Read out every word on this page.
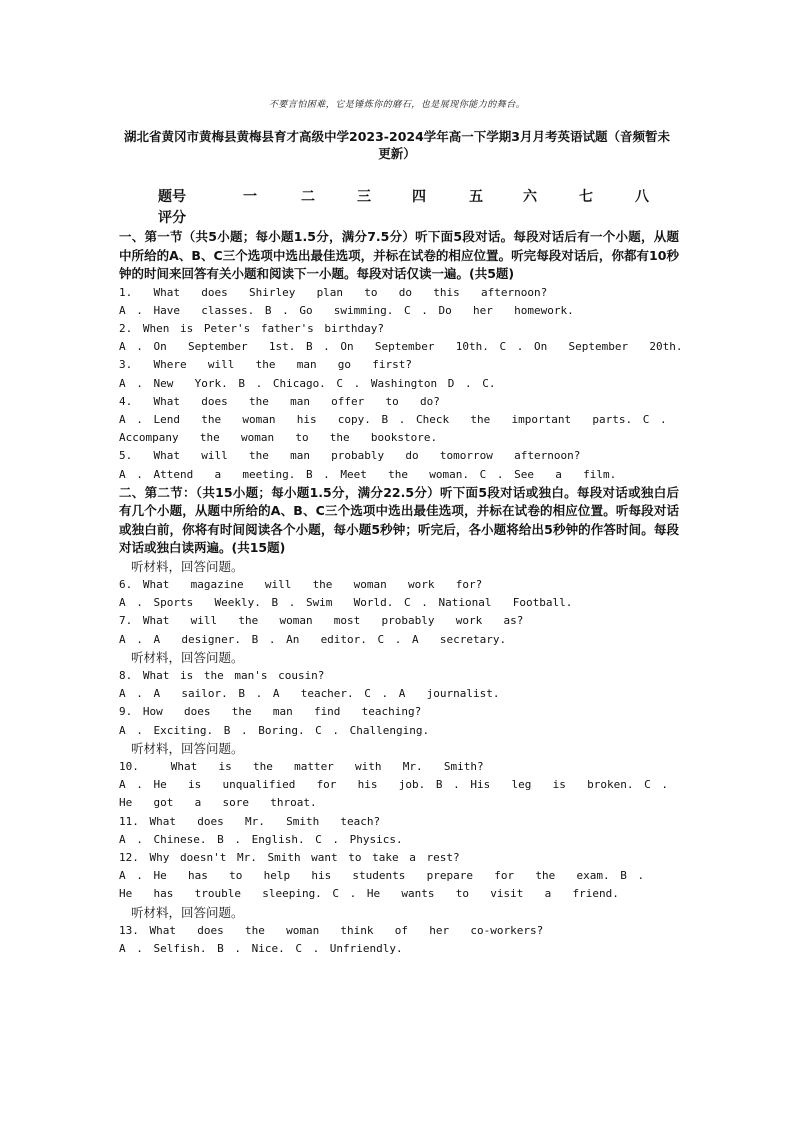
不要言怕困难，它是锤炼你的磨石，也是展现你能力的舞台。
湖北省黄冈市黄梅县黄梅县育才高级中学2023-2024学年高一下学期3月月考英语试题（音频暂未更新）
题号	一	二	三	四	五	六	七	八
评分

一、第一节（共5小题；每小题1.5分，满分7.5分）听下面5段对话。每段对话后有一个小题，从题中所给的A、B、C三个选项中选出最佳选项，并标在试卷的相应位置。听完每段对话后，你都有10秒钟的时间来回答有关小题和阅读下一小题。每段对话仅读一遍。(共5题)

1.  What  does  Shirley  plan  to  do  this  afternoon?

A . Have  classes. B . Go  swimming. C . Do  her  homework.

2. When is Peter's father's birthday?

A . On  September  1st. B . On  September  10th. C . On  September  20th.

3.  Where  will  the  man  go  first?

A . New  York. B . Chicago. C . Washington D . C.

4.  What  does  the  man  offer  to  do?

A . Lend  the  woman  his  copy. B . Check  the  important  parts. C .

Accompany  the  woman  to  the  bookstore.

5.  What  will  the  man  probably  do  tomorrow  afternoon?

A . Attend  a  meeting. B . Meet  the  woman. C . See  a  film.

二、第二节：（共15小题；每小题1.5分，满分22.5分）听下面5段对话或独白。每段对话或独白后有几个小题，从题中所给的A、B、C三个选项中选出最佳选项，并标在试卷的相应位置。听每段对话或独白前，你将有时间阅读各个小题，每小题5秒钟；听完后，各小题将给出5秒钟的作答时间。每段对话或独白读两遍。(共15题)

听材料，回答问题。

6. What  magazine  will  the  woman  work  for?

A . Sports  Weekly. B . Swim  World. C . National  Football.

7. What  will  the  woman  most  probably  work  as?

A . A  designer. B . An  editor. C . A  secretary.

听材料，回答问题。

8. What is the man's cousin?

A . A  sailor. B . A  teacher. C . A  journalist.

9. How  does  the  man  find  teaching?

A . Exciting. B . Boring. C . Challenging.

听材料，回答问题。

10.   What  is  the  matter  with  Mr.  Smith?

A . He  is  unqualified  for  his  job. B . His  leg  is  broken. C .

He  got  a  sore  throat.

11. What  does  Mr.  Smith  teach?

A . Chinese. B . English. C . Physics.

12. Why doesn't Mr. Smith want to take a rest?

A . He  has  to  help  his  students  prepare  for  the  exam. B .

He  has  trouble  sleeping. C . He  wants  to  visit  a  friend.

听材料，回答问题。

13. What  does  the  woman  think  of  her  co-workers?

A . Selfish. B . Nice. C . Unfriendly.
